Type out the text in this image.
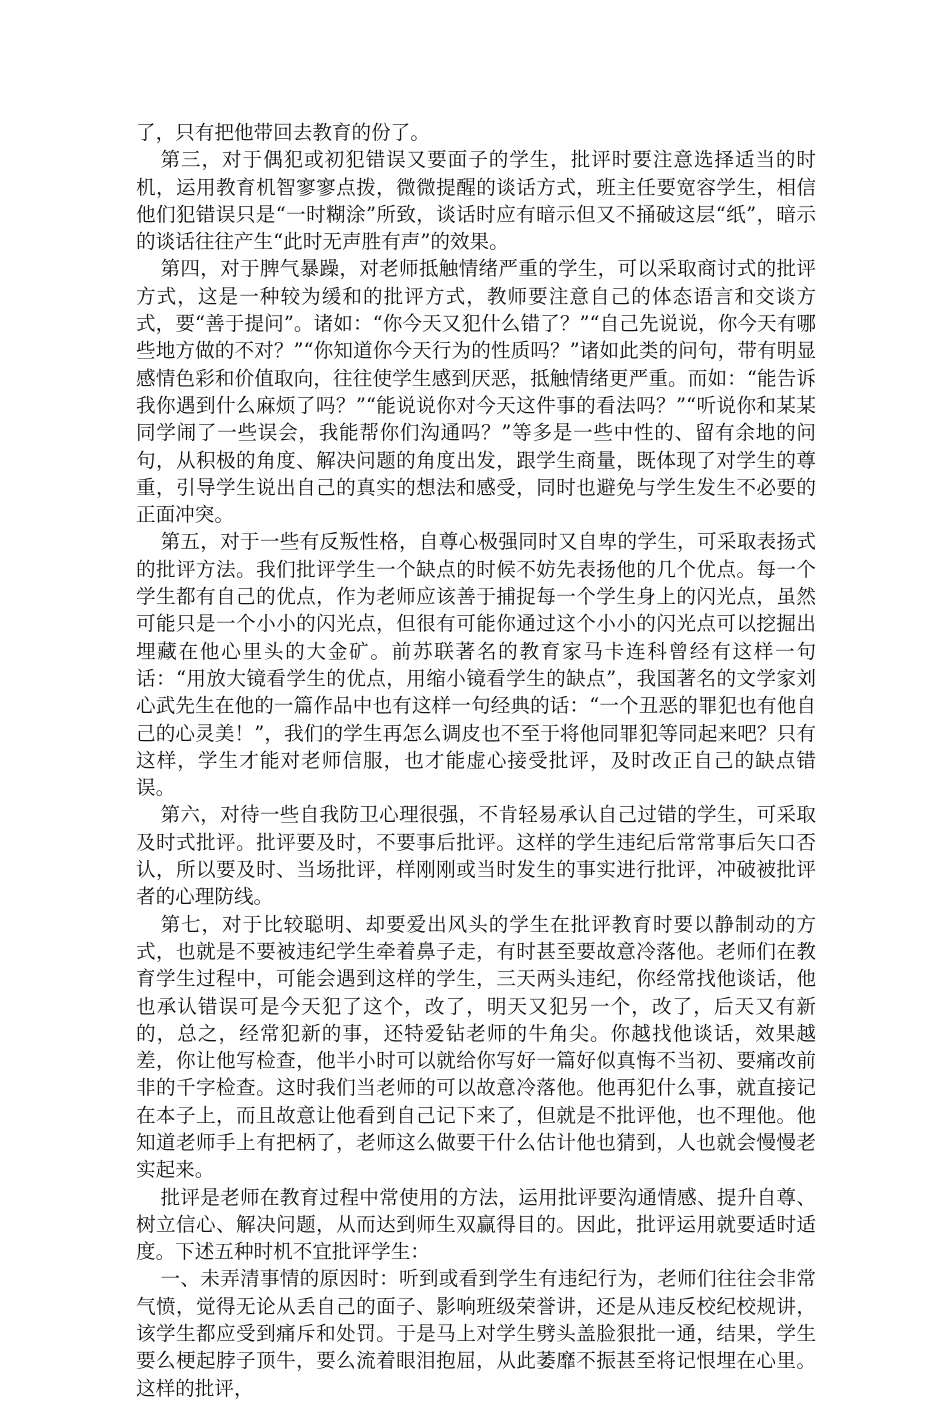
了，只有把他带回去教育的份了。

第三，对于偶犯或初犯错误又要面子的学生，批评时要注意选择适当的时机，运用教育机智寥寥点拨，微微提醒的谈话方式，班主任要宽容学生，相信他们犯错误只是“一时糊涂”所致，谈话时应有暗示但又不捅破这层“纸”，暗示的谈话往往产生“此时无声胜有声”的效果。

第四，对于脾气暴躁，对老师抵触情绪严重的学生，可以采取商讨式的批评方式，这是一种较为缓和的批评方式，教师要注意自己的体态语言和交谈方式，要“善于提问”。诸如：“你今天又犯什么错了？”“自己先说说，你今天有哪些地方做的不对？”“你知道你今天行为的性质吗？”诸如此类的问句，带有明显感情色彩和价值取向，往往使学生感到厌恶，抵触情绪更严重。而如：“能告诉我你遇到什么麻烦了吗？”“能说说你对今天这件事的看法吗？”“听说你和某某同学闹了一些误会，我能帮你们沟通吗？”等多是一些中性的、留有余地的问句，从积极的角度、解决问题的角度出发，跟学生商量，既体现了对学生的尊重，引导学生说出自己的真实的想法和感受，同时也避免与学生发生不必要的正面冲突。

第五，对于一些有反叛性格，自尊心极强同时又自卑的学生，可采取表扬式的批评方法。我们批评学生一个缺点的时候不妨先表扬他的几个优点。每一个学生都有自己的优点，作为老师应该善于捕捉每一个学生身上的闪光点，虽然可能只是一个小小的闪光点，但很有可能你通过这个小小的闪光点可以挖掘出埋藏在他心里头的大金矿。前苏联著名的教育家马卡连科曾经有这样一句话：“用放大镜看学生的优点，用缩小镜看学生的缺点”，我国著名的文学家刘心武先生在他的一篇作品中也有这样一句经典的话：“一个丑恶的罪犯也有他自己的心灵美！”，我们的学生再怎么调皮也不至于将他同罪犯等同起来吧？只有这样，学生才能对老师信服，也才能虚心接受批评，及时改正自己的缺点错误。

第六，对待一些自我防卫心理很强，不肯轻易承认自己过错的学生，可采取及时式批评。批评要及时，不要事后批评。这样的学生违纪后常常事后矢口否认，所以要及时、当场批评，样刚刚或当时发生的事实进行批评，冲破被批评者的心理防线。

第七，对于比较聪明、却要爱出风头的学生在批评教育时要以静制动的方式，也就是不要被违纪学生牵着鼻子走，有时甚至要故意冷落他。老师们在教育学生过程中，可能会遇到这样的学生，三天两头违纪，你经常找他谈话，他也承认错误可是今天犯了这个，改了，明天又犯另一个，改了，后天又有新的，总之，经常犯新的事，还特爱钻老师的牛角尖。你越找他谈话，效果越差，你让他写检查，他半小时可以就给你写好一篇好似真悔不当初、要痛改前非的千字检查。这时我们当老师的可以故意冷落他。他再犯什么事，就直接记在本子上，而且故意让他看到自己记下来了，但就是不批评他，也不理他。他知道老师手上有把柄了，老师这么做要干什么估计他也猜到，人也就会慢慢老实起来。

批评是老师在教育过程中常使用的方法，运用批评要沟通情感、提升自尊、树立信心、解决问题，从而达到师生双赢得目的。因此，批评运用就要适时适度。下述五种时机不宜批评学生：

一、未弄清事情的原因时：听到或看到学生有违纪行为，老师们往往会非常气愤，觉得无论从丢自己的面子、影响班级荣誉讲，还是从违反校纪校规讲，该学生都应受到痛斥和处罚。于是马上对学生劈头盖脸狠批一通，结果，学生要么梗起脖子顶牛，要么流着眼泪抱屈，从此萎靡不振甚至将记恨埋在心里。这样的批评，
